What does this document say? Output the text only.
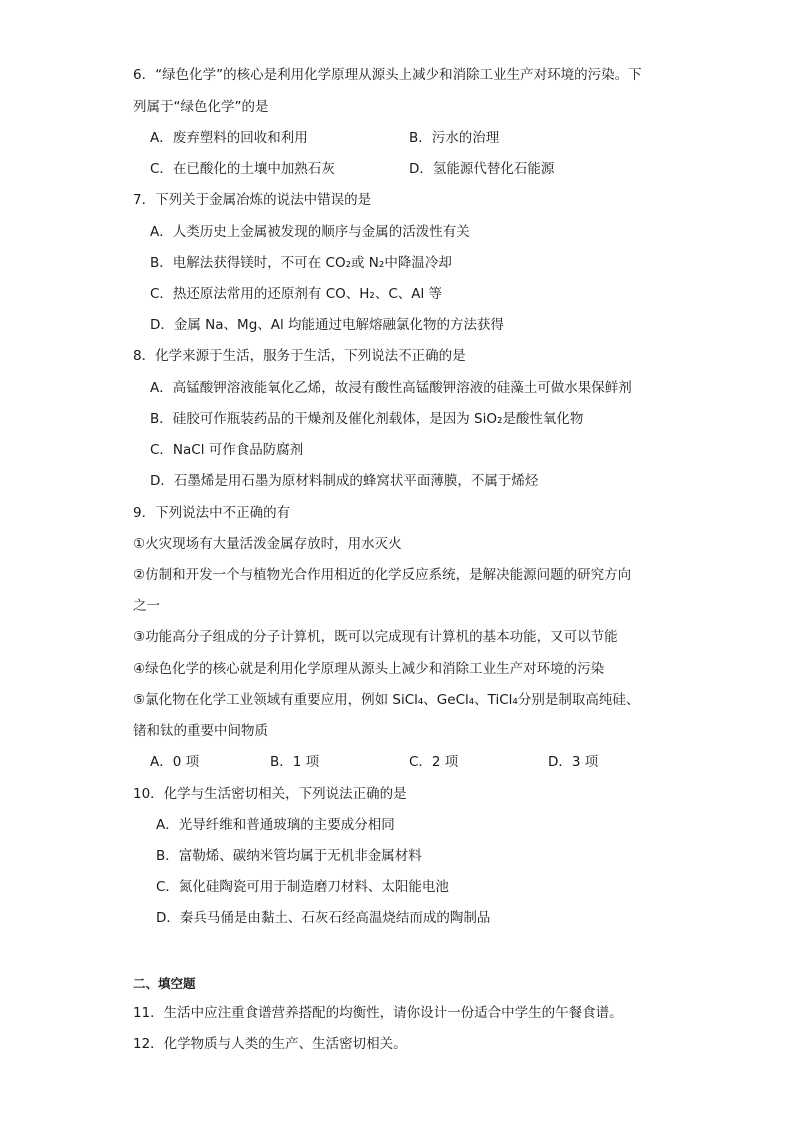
6．“绿色化学”的核心是利用化学原理从源头上减少和消除工业生产对环境的污染。下
列属于“绿色化学”的是
A．废弃塑料的回收和利用	B．污水的治理
C．在已酸化的土壤中加熟石灰	D．氢能源代替化石能源
7．下列关于金属冶炼的说法中错误的是
A．人类历史上金属被发现的顺序与金属的活泼性有关
B．电解法获得镁时，不可在 CO₂或 N₂中降温冷却
C．热还原法常用的还原剂有 CO、H₂、C、Al 等
D．金属 Na、Mg、Al 均能通过电解熔融氯化物的方法获得
8．化学来源于生活，服务于生活，下列说法不正确的是
A．高锰酸钾溶液能氧化乙烯，故浸有酸性高锰酸钾溶液的硅藻土可做水果保鲜剂
B．硅胶可作瓶装药品的干燥剂及催化剂载体，是因为 SiO₂是酸性氧化物
C．NaCl 可作食品防腐剂
D．石墨烯是用石墨为原材料制成的蜂窝状平面薄膜，不属于烯烃
9．下列说法中不正确的有
①火灾现场有大量活泼金属存放时，用水灭火
②仿制和开发一个与植物光合作用相近的化学反应系统，是解决能源问题的研究方向
之一
③功能高分子组成的分子计算机，既可以完成现有计算机的基本功能，又可以节能
④绿色化学的核心就是利用化学原理从源头上减少和消除工业生产对环境的污染
⑤氯化物在化学工业领域有重要应用，例如 SiCl₄、GeCl₄、TiCl₄分别是制取高纯硅、
锗和钛的重要中间物质
A．0 项	B．1 项	C．2 项	D．3 项
10．化学与生活密切相关，下列说法正确的是
A．光导纤维和普通玻璃的主要成分相同
B．富勒烯、碳纳米管均属于无机非金属材料
C．氮化硅陶瓷可用于制造磨刀材料、太阳能电池
D．秦兵马俑是由黏土、石灰石经高温烧结而成的陶制品
二、填空题
11．生活中应注重食谱营养搭配的均衡性，请你设计一份适合中学生的午餐食谱。
12．化学物质与人类的生产、生活密切相关。
